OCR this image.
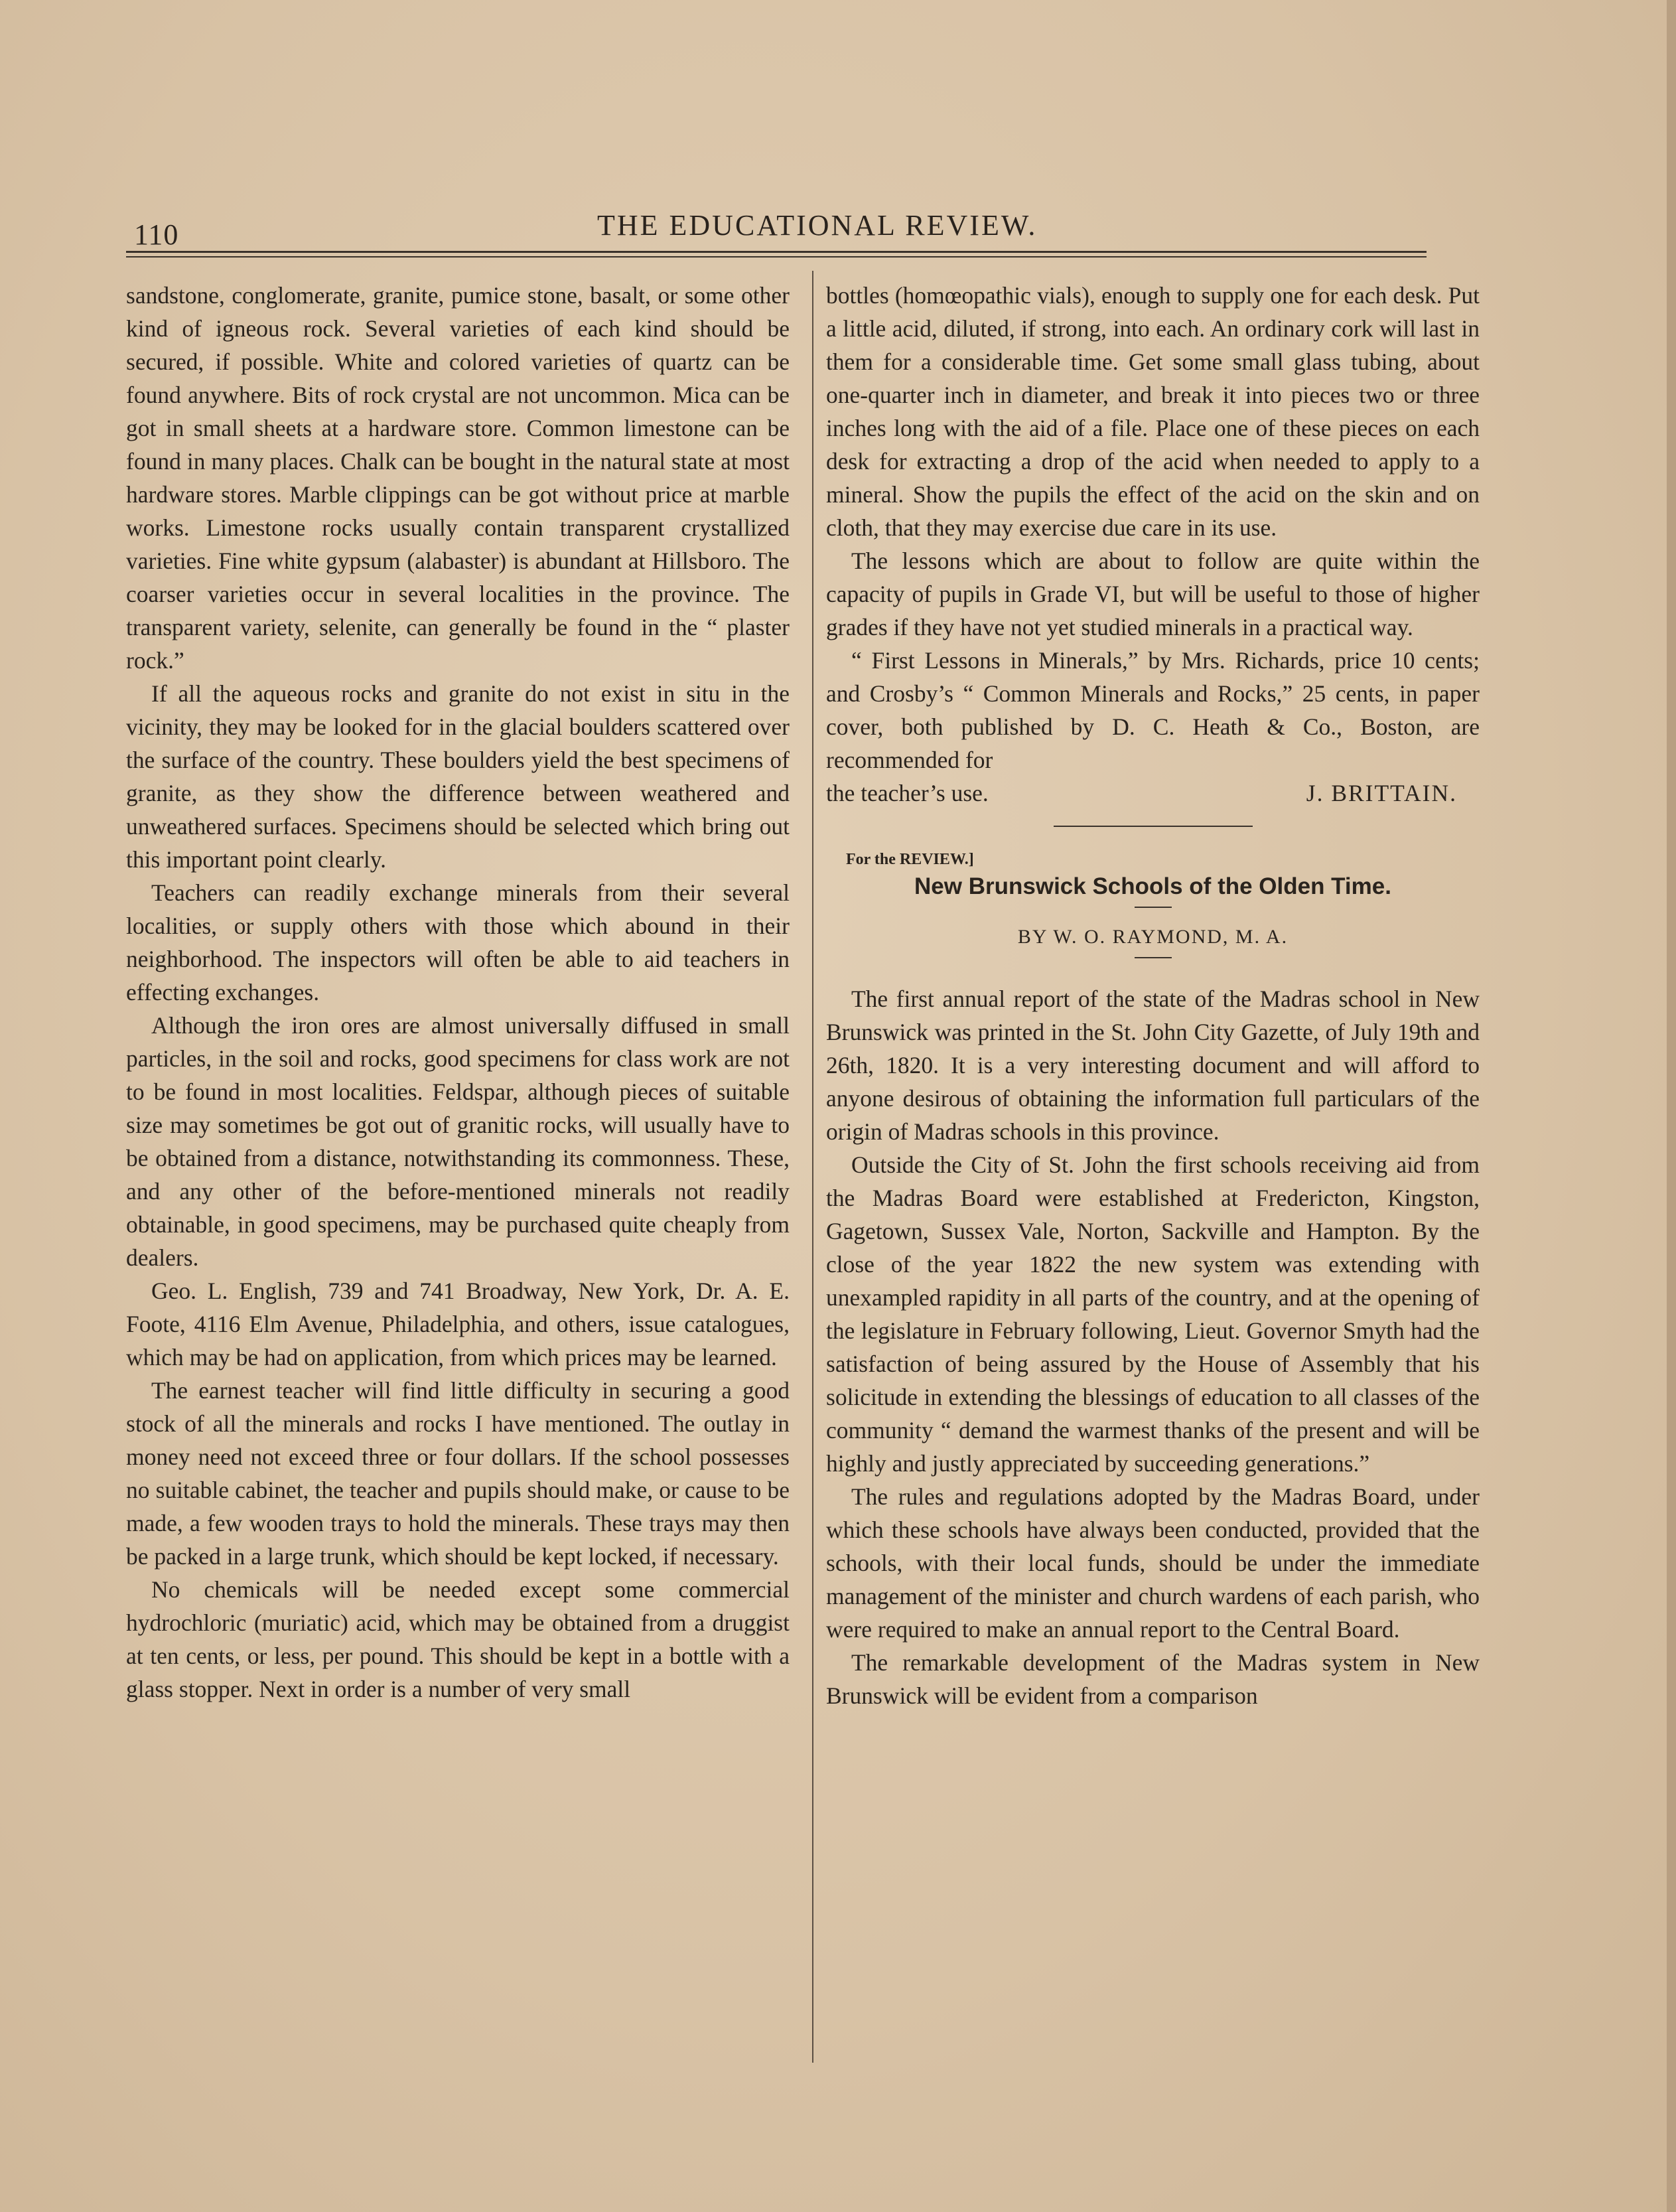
110	THE EDUCATIONAL REVIEW.

sandstone, conglomerate, granite, pumice stone, basalt, or some other kind of igneous rock. Several varieties of each kind should be secured, if possible. White and colored varieties of quartz can be found anywhere. Bits of rock crystal are not uncommon. Mica can be got in small sheets at a hardware store. Common limestone can be found in many places. Chalk can be bought in the natural state at most hardware stores. Marble clippings can be got without price at marble works. Limestone rocks usually contain transparent crystallized varieties. Fine white gypsum (alabaster) is abundant at Hillsboro. The coarser varieties occur in several localities in the province. The transparent variety, selenite, can generally be found in the “ plaster rock.”

If all the aqueous rocks and granite do not exist in situ in the vicinity, they may be looked for in the glacial boulders scattered over the surface of the country. These boulders yield the best specimens of granite, as they show the difference between weathered and unweathered surfaces. Specimens should be selected which bring out this important point clearly.

Teachers can readily exchange minerals from their several localities, or supply others with those which abound in their neighborhood. The inspectors will often be able to aid teachers in effecting exchanges.

Although the iron ores are almost universally diffused in small particles, in the soil and rocks, good specimens for class work are not to be found in most localities. Feldspar, although pieces of suitable size may sometimes be got out of granitic rocks, will usually have to be obtained from a distance, notwithstanding its commonness. These, and any other of the before-mentioned minerals not readily obtainable, in good specimens, may be purchased quite cheaply from dealers.

Geo. L. English, 739 and 741 Broadway, New York, Dr. A. E. Foote, 4116 Elm Avenue, Philadelphia, and others, issue catalogues, which may be had on application, from which prices may be learned.

The earnest teacher will find little difficulty in securing a good stock of all the minerals and rocks I have mentioned. The outlay in money need not exceed three or four dollars. If the school possesses no suitable cabinet, the teacher and pupils should make, or cause to be made, a few wooden trays to hold the minerals. These trays may then be packed in a large trunk, which should be kept locked, if necessary.

No chemicals will be needed except some commercial hydrochloric (muriatic) acid, which may be obtained from a druggist at ten cents, or less, per pound. This should be kept in a bottle with a glass stopper. Next in order is a number of very small

bottles (homœopathic vials), enough to supply one for each desk. Put a little acid, diluted, if strong, into each. An ordinary cork will last in them for a considerable time. Get some small glass tubing, about one-quarter inch in diameter, and break it into pieces two or three inches long with the aid of a file. Place one of these pieces on each desk for extracting a drop of the acid when needed to apply to a mineral. Show the pupils the effect of the acid on the skin and on cloth, that they may exercise due care in its use.

The lessons which are about to follow are quite within the capacity of pupils in Grade VI, but will be useful to those of higher grades if they have not yet studied minerals in a practical way.

“ First Lessons in Minerals,” by Mrs. Richards, price 10 cents; and Crosby’s “ Common Minerals and Rocks,” 25 cents, in paper cover, both published by D. C. Heath & Co., Boston, are recommended for

the teacher’s use.	J. BRITTAIN.
For the REVIEW.]
New Brunswick Schools of the Olden Time.
BY W. O. RAYMOND, M. A.

The first annual report of the state of the Madras school in New Brunswick was printed in the St. John City Gazette, of July 19th and 26th, 1820. It is a very interesting document and will afford to anyone desirous of obtaining the information full particulars of the origin of Madras schools in this province.

Outside the City of St. John the first schools receiving aid from the Madras Board were established at Fredericton, Kingston, Gagetown, Sussex Vale, Norton, Sackville and Hampton. By the close of the year 1822 the new system was extending with unexampled rapidity in all parts of the country, and at the opening of the legislature in February following, Lieut. Governor Smyth had the satisfaction of being assured by the House of Assembly that his solicitude in extending the blessings of education to all classes of the community “ demand the warmest thanks of the present and will be highly and justly appreciated by succeeding generations.”

The rules and regulations adopted by the Madras Board, under which these schools have always been conducted, provided that the schools, with their local funds, should be under the immediate management of the minister and church wardens of each parish, who were required to make an annual report to the Central Board.

The remarkable development of the Madras system in New Brunswick will be evident from a comparison
